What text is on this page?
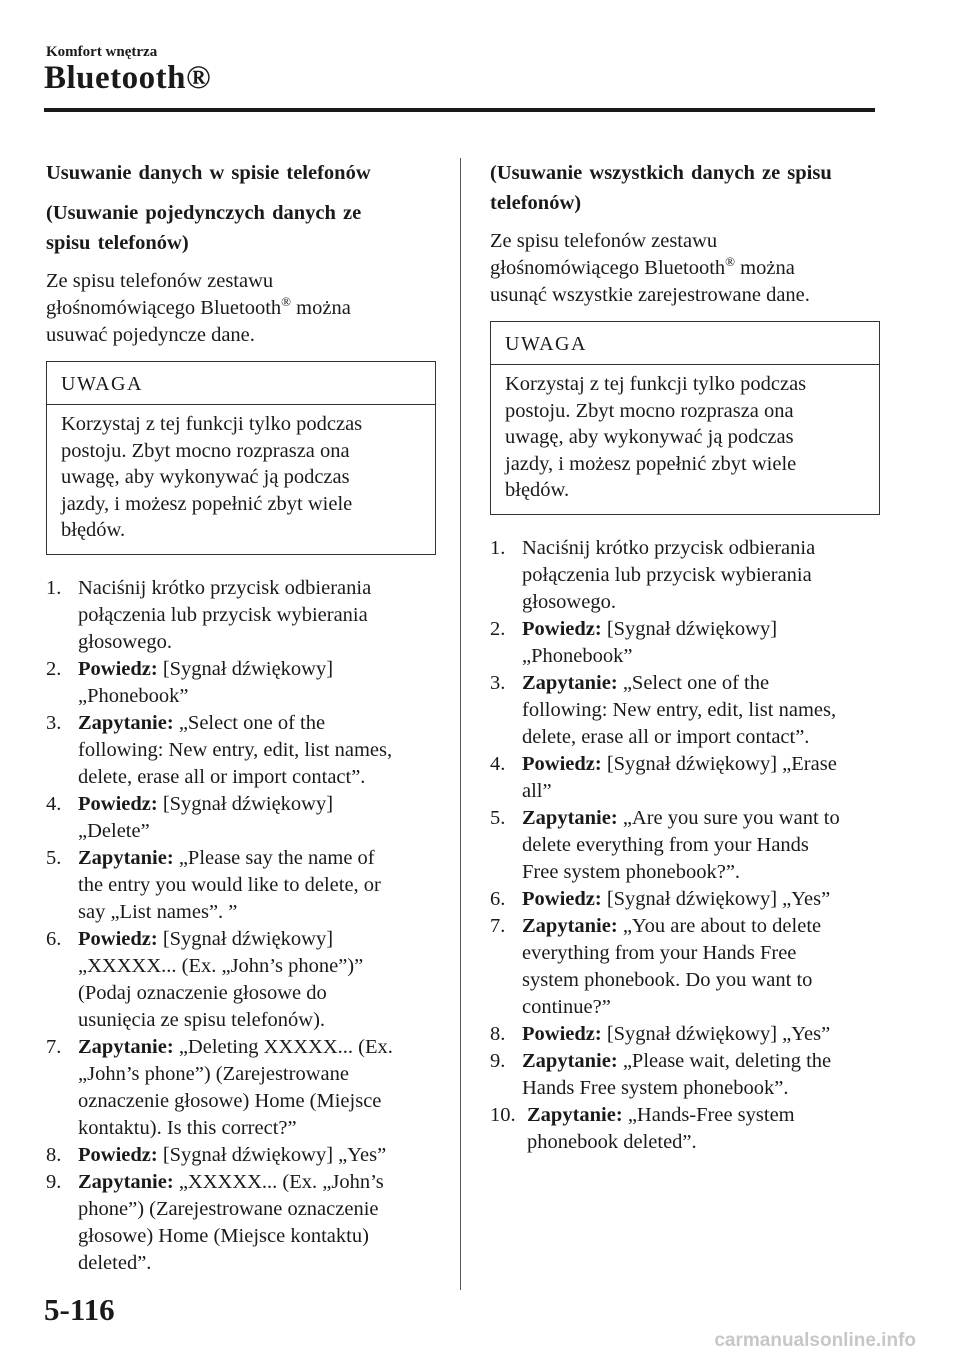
Komfort wnętrza
Bluetooth®
Usuwanie danych w spisie telefonów
(Usuwanie pojedynczych danych ze
spisu telefonów)

Ze spisu telefonów zestawu

głośnomówiącego Bluetooth® można

usuwać pojedyncze dane.

UWAGA

Korzystaj z tej funkcji tylko podczas

postoju. Zbyt mocno rozprasza ona

uwagę, aby wykonywać ją podczas

jazdy, i możesz popełnić zbyt wiele

błędów.

1. Naciśnij krótko przycisk odbierania
połączenia lub przycisk wybierania
głosowego.
2. Powiedz: [Sygnał dźwiękowy]
„Phonebook”
3. Zapytanie: „Select one of the
following: New entry, edit, list names,
delete, erase all or import contact”.
4. Powiedz: [Sygnał dźwiękowy]
„Delete”
5. Zapytanie: „Please say the name of
the entry you would like to delete, or
say „List names”. ”
6. Powiedz: [Sygnał dźwiękowy]
„XXXXX... (Ex. „John’s phone”)”
(Podaj oznaczenie głosowe do
usunięcia ze spisu telefonów).
7. Zapytanie: „Deleting XXXXX... (Ex.
„John’s phone”) (Zarejestrowane
oznaczenie głosowe) Home (Miejsce
kontaktu). Is this correct?”
8. Powiedz: [Sygnał dźwiękowy] „Yes”
9. Zapytanie: „XXXXX... (Ex. „John’s
phone”) (Zarejestrowane oznaczenie
głosowe) Home (Miejsce kontaktu)
deleted”.
(Usuwanie wszystkich danych ze spisu
telefonów)

Ze spisu telefonów zestawu

głośnomówiącego Bluetooth® można

usunąć wszystkie zarejestrowane dane.

UWAGA

Korzystaj z tej funkcji tylko podczas

postoju. Zbyt mocno rozprasza ona

uwagę, aby wykonywać ją podczas

jazdy, i możesz popełnić zbyt wiele

błędów.

1. Naciśnij krótko przycisk odbierania
połączenia lub przycisk wybierania
głosowego.
2. Powiedz: [Sygnał dźwiękowy]
„Phonebook”
3. Zapytanie: „Select one of the
following: New entry, edit, list names,
delete, erase all or import contact”.
4. Powiedz: [Sygnał dźwiękowy] „Erase
all”
5. Zapytanie: „Are you sure you want to
delete everything from your Hands
Free system phonebook?”.
6. Powiedz: [Sygnał dźwiękowy] „Yes”
7. Zapytanie: „You are about to delete
everything from your Hands Free
system phonebook. Do you want to
continue?”
8. Powiedz: [Sygnał dźwiękowy] „Yes”
9. Zapytanie: „Please wait, deleting the
Hands Free system phonebook”.
10. Zapytanie: „Hands-Free system
phonebook deleted”.
5-116
carmanualsonline.info
